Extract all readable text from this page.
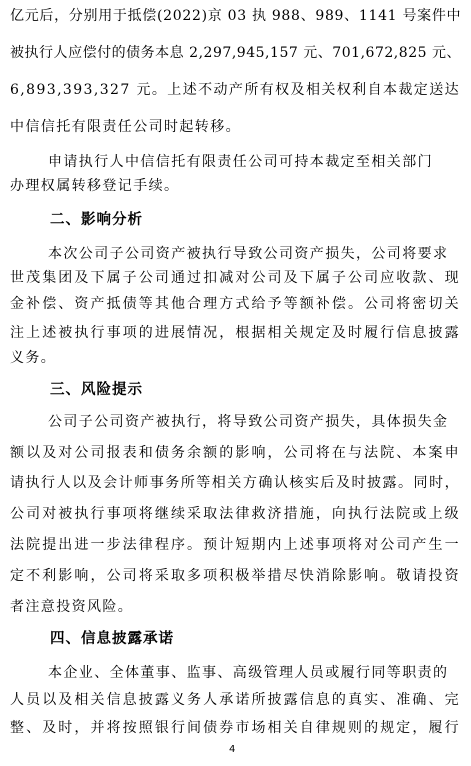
亿元后，分别用于抵偿(2022)京 03 执 988、989、1141 号案件中
被执行人应偿付的债务本息 2,297,945,157 元、701,672,825 元、
6,893,393,327 元。上述不动产所有权及相关权利自本裁定送达
中信信托有限责任公司时起转移。
申请执行人中信信托有限责任公司可持本裁定至相关部门
办理权属转移登记手续。
二、影响分析
本次公司子公司资产被执行导致公司资产损失，公司将要求
世茂集团及下属子公司通过扣减对公司及下属子公司应收款、现
金补偿、资产抵债等其他合理方式给予等额补偿。公司将密切关
注上述被执行事项的进展情况，根据相关规定及时履行信息披露
义务。
三、风险提示
公司子公司资产被执行，将导致公司资产损失，具体损失金
额以及对公司报表和债务余额的影响，公司将在与法院、本案申
请执行人以及会计师事务所等相关方确认核实后及时披露。同时，
公司对被执行事项将继续采取法律救济措施，向执行法院或上级
法院提出进一步法律程序。预计短期内上述事项将对公司产生一
定不利影响，公司将采取多项积极举措尽快消除影响。敬请投资
者注意投资风险。
四、信息披露承诺
本企业、全体董事、监事、高级管理人员或履行同等职责的
人员以及相关信息披露义务人承诺所披露信息的真实、准确、完
整、及时，并将按照银行间债券市场相关自律规则的规定，履行
4
